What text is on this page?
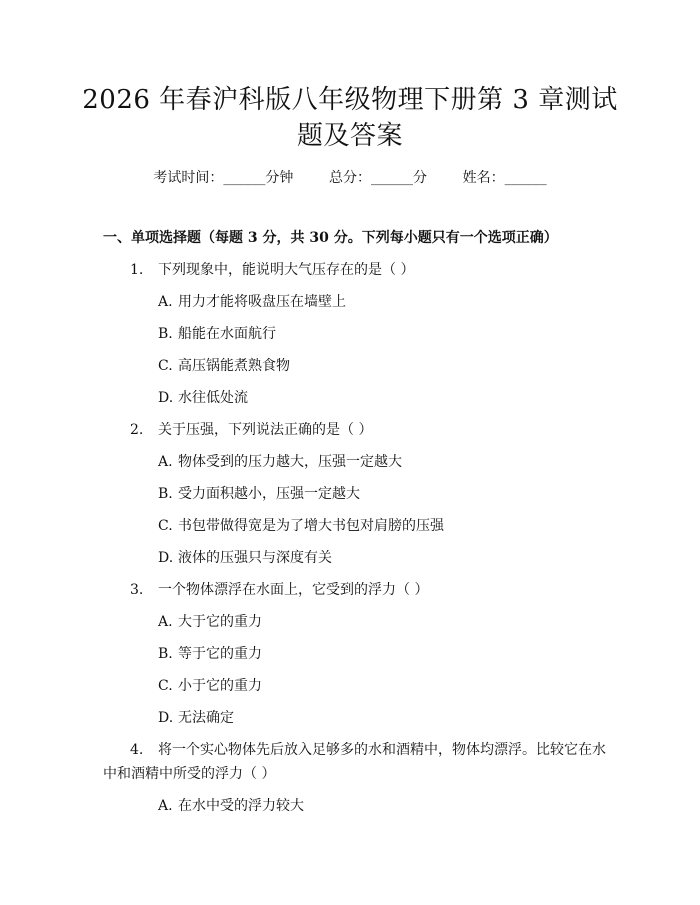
2026 年春沪科版八年级物理下册第 3 章测试
题及答案
考试时间：______分钟	总分：______分	姓名：______
一、单项选择题（每题 3 分，共 30 分。下列每小题只有一个选项正确）
1. 下列现象中，能说明大气压存在的是（ ）
A. 用力才能将吸盘压在墙壁上
B. 船能在水面航行
C. 高压锅能煮熟食物
D. 水往低处流
2. 关于压强，下列说法正确的是（ ）
A. 物体受到的压力越大，压强一定越大
B. 受力面积越小，压强一定越大
C. 书包带做得宽是为了增大书包对肩膀的压强
D. 液体的压强只与深度有关
3. 一个物体漂浮在水面上，它受到的浮力（ ）
A. 大于它的重力
B. 等于它的重力
C. 小于它的重力
D. 无法确定
4. 将一个实心物体先后放入足够多的水和酒精中，物体均漂浮。比较它在水
中和酒精中所受的浮力（ ）
A. 在水中受的浮力较大
